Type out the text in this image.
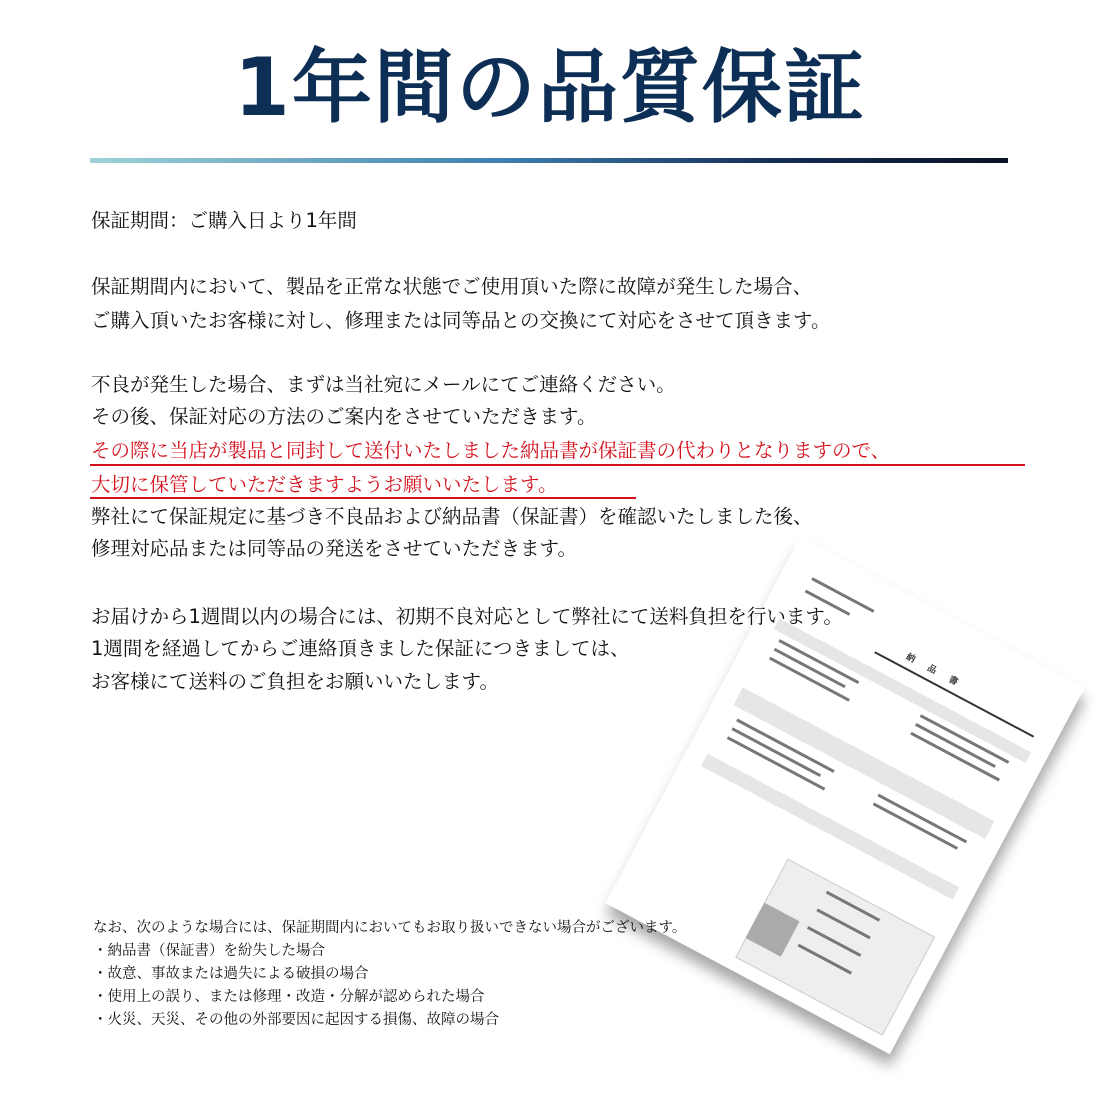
1年間の品質保証
保証期間：ご購入日より1年間
保証期間内において、製品を正常な状態でご使用頂いた際に故障が発生した場合、
ご購入頂いたお客様に対し、修理または同等品との交換にて対応をさせて頂きます。
不良が発生した場合、まずは当社宛にメールにてご連絡ください。
その後、保証対応の方法のご案内をさせていただきます。
その際に当店が製品と同封して送付いたしました納品書が保証書の代わりとなりますので、
大切に保管していただきますようお願いいたします。
弊社にて保証規定に基づき不良品および納品書（保証書）を確認いたしました後、
修理対応品または同等品の発送をさせていただきます。
お届けから1週間以内の場合には、初期不良対応として弊社にて送料負担を行います。
1週間を経過してからご連絡頂きました保証につきましては、
お客様にて送料のご負担をお願いいたします。	納 品 書
なお、次のような場合には、保証期間内においてもお取り扱いできない場合がございます。
・納品書（保証書）を紛失した場合
・故意、事故または過失による破損の場合
・使用上の誤り、または修理・改造・分解が認められた場合
・火災、天災、その他の外部要因に起因する損傷、故障の場合
